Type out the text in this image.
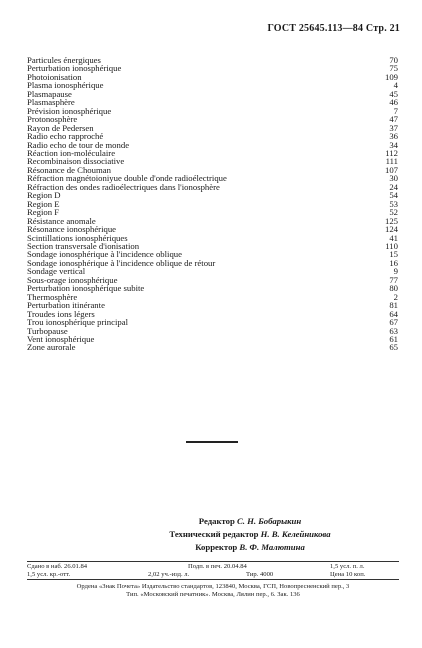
ГОСТ 25645.113—84 Стр. 21
Particules énergiques	70
Perturbation ionosphérique	75
Photoionisation	109
Plasma ionosphérique	4
Plasmapause	45
Plasmasphère	46
Prévision ionosphérique	7
Protonosphère	47
Rayon de Pedersen	37
Radio echo rapproché	36
Radio echo de tour de monde	34
Réaction ion-moléculaire	112
Recombinaison dissociative	111
Résonance de Chouman	107
Réfraction magnétoioniyue double d'onde radioélectrique	30
Réfraction des ondes radioélectriques dans l'ionosphère	24
Region D	54
Region E	53
Region F	52
Résistance anomale	125
Résonance ionosphérique	124
Scintillations ionosphériques	41
Section transversale d'ionisation	110
Sondage ionosphérique à l'incidence oblique	15
Sondage ionosphérique à l'incidence oblique de rétour	16
Sondage vertical	9
Sous-orage ionosphérique	77
Perturbation ionosphérique subite	80
Thermosphère	2
Perturbation itinérante	81
Troudes ions légers	64
Trou ionosphérique principal	67
Turbopause	63
Vent ionosphérique	61
Zone aurorale	65
Редактор С. Н. Бобарыкин
Технический редактор Н. В. Келейникова
Корректор В. Ф. Малютина
Сдано в наб. 26.01.84	Подп. в печ. 20.04.84	1,5 усл. п. л.
1,5 усл. кр.-отт.	2,02 уч.-изд. л.	Тир. 4000	Цена 10 коп.
Ордена «Знак Почета» Издательство стандартов, 123840, Москва, ГСП, Новопресненский пер., 3
Тип. «Московский печатник». Москва, Лялин пер., 6. Зак. 136
